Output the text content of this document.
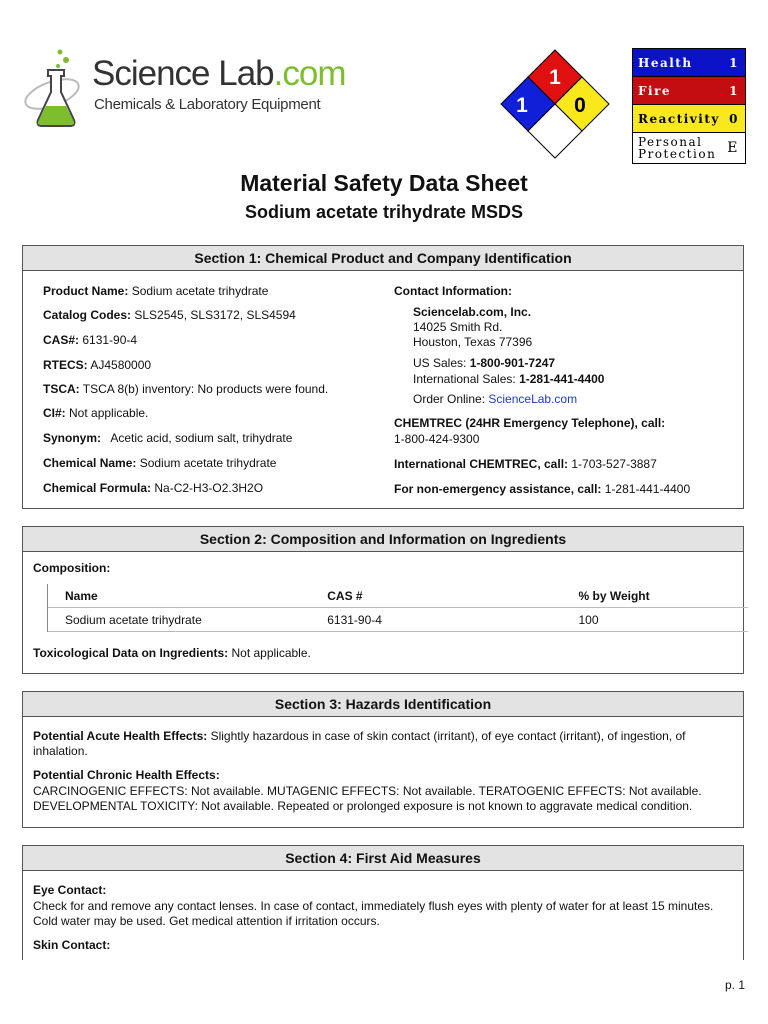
Science Lab.com
Chemicals & Laboratory Equipment
1
1 0
Health	1
Fire	1
Reactivity 0
Personal
Protection E
Material Safety Data Sheet
Sodium acetate trihydrate MSDS
Section 1: Chemical Product and Company Identification
Product Name: Sodium acetate trihydrate
Catalog Codes: SLS2545, SLS3172, SLS4594
CAS#: 6131-90-4
RTECS: AJ4580000
TSCA: TSCA 8(b) inventory: No products were found.
CI#: Not applicable.
Synonym:   Acetic acid, sodium salt, trihydrate
Chemical Name: Sodium acetate trihydrate
Chemical Formula: Na-C2-H3-O2.3H2O
Contact Information:
Sciencelab.com, Inc.
14025 Smith Rd.
Houston, Texas 77396
US Sales: 1-800-901-7247
International Sales: 1-281-441-4400
Order Online: ScienceLab.com
CHEMTREC (24HR Emergency Telephone), call:
1-800-424-9300
International CHEMTREC, call: 1-703-527-3887
For non-emergency assistance, call: 1-281-441-4400
Section 2: Composition and Information on Ingredients
Composition:
Name	CAS #	% by Weight
Sodium acetate trihydrate	6131-90-4	100
Toxicological Data on Ingredients: Not applicable.
Section 3: Hazards Identification
Potential Acute Health Effects: Slightly hazardous in case of skin contact (irritant), of eye contact (irritant), of ingestion, of inhalation.
Potential Chronic Health Effects:
CARCINOGENIC EFFECTS: Not available. MUTAGENIC EFFECTS: Not available. TERATOGENIC EFFECTS: Not available. DEVELOPMENTAL TOXICITY: Not available. Repeated or prolonged exposure is not known to aggravate medical condition.
Section 4: First Aid Measures
Eye Contact:
Check for and remove any contact lenses. In case of contact, immediately flush eyes with plenty of water for at least 15 minutes. Cold water may be used. Get medical attention if irritation occurs.
Skin Contact:
p. 1
